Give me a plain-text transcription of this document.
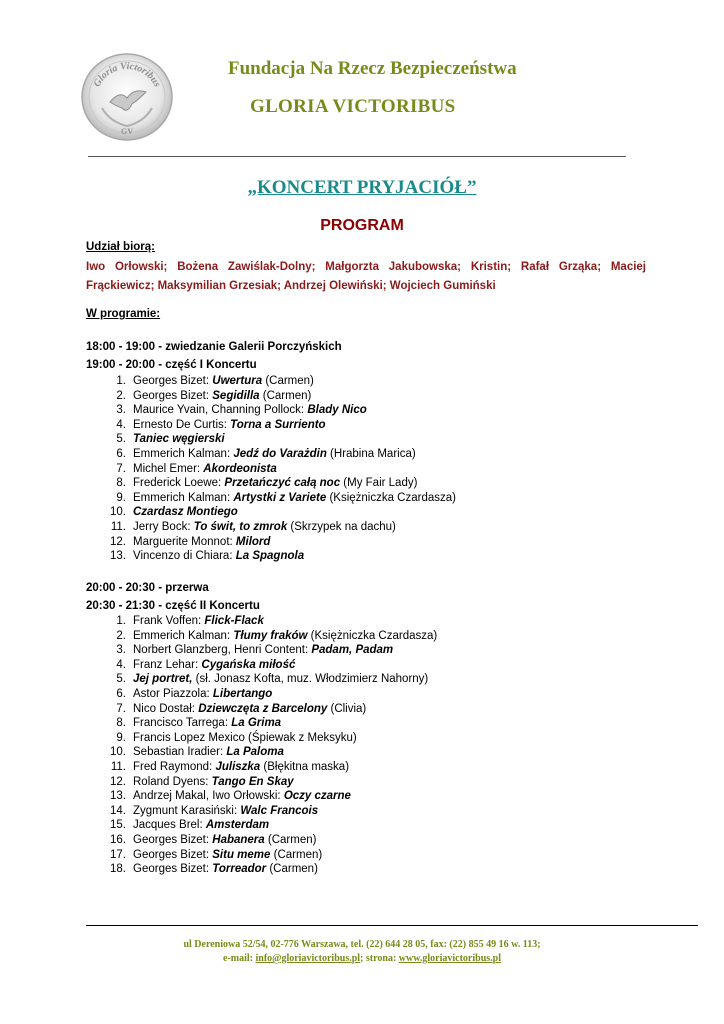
Gloria Victoribus
GV
Fundacja Na Rzecz Bezpieczeństwa
GLORIA VICTORIBUS
„KONCERT PRYJACIÓŁ”
PROGRAM
Udział biorą:
Iwo Orłowski; Bożena Zawiślak-Dolny; Małgorzta Jakubowska; Kristin; Rafał Grząka; Maciej Frąckiewicz; Maksymilian Grzesiak; Andrzej Olewiński; Wojciech Gumiński
W programie:
18:00 - 19:00 - zwiedzanie Galerii Porczyńskich
19:00 - 20:00 - część I Koncertu
1. Georges Bizet: Uwertura (Carmen)
2. Georges Bizet: Segidilla (Carmen)
3. Maurice Yvain, Channing Pollock: Blady Nico
4. Ernesto De Curtis: Torna a Surriento
5. Taniec węgierski
6. Emmerich Kalman: Jedź do Varażdin (Hrabina Marica)
7. Michel Emer: Akordeonista
8. Frederick Loewe: Przetańczyć całą noc (My Fair Lady)
9. Emmerich Kalman: Artystki z Variete (Księżniczka Czardasza)
10. Czardasz Montiego
11. Jerry Bock: To świt, to zmrok (Skrzypek na dachu)
12. Marguerite Monnot: Milord
13. Vincenzo di Chiara: La Spagnola
20:00 - 20:30 - przerwa
20:30 - 21:30 - część II Koncertu
1. Frank Voffen: Flick-Flack
2. Emmerich Kalman: Tłumy fraków (Księżniczka Czardasza)
3. Norbert Glanzberg, Henri Content: Padam, Padam
4. Franz Lehar: Cygańska miłość
5. Jej portret, (sł. Jonasz Kofta, muz. Włodzimierz Nahorny)
6. Astor Piazzola: Libertango
7. Nico Dostał: Dziewczęta z Barcelony (Clivia)
8. Francisco Tarrega: La Grima
9. Francis Lopez Mexico (Śpiewak z Meksyku)
10. Sebastian Iradier: La Paloma
11. Fred Raymond: Juliszka (Błękitna maska)
12. Roland Dyens: Tango En Skay
13. Andrzej Makal, Iwo Orłowski: Oczy czarne
14. Zygmunt Karasiński: Walc Francois
15. Jacques Brel: Amsterdam
16. Georges Bizet: Habanera (Carmen)
17. Georges Bizet: Situ meme (Carmen)
18. Georges Bizet: Torreador (Carmen)
ul Dereniowa 52/54, 02-776 Warszawa, tel. (22) 644 28 05, fax: (22) 855 49 16 w. 113;
e-mail: info@gloriavictoribus.pl; strona: www.gloriavictoribus.pl
